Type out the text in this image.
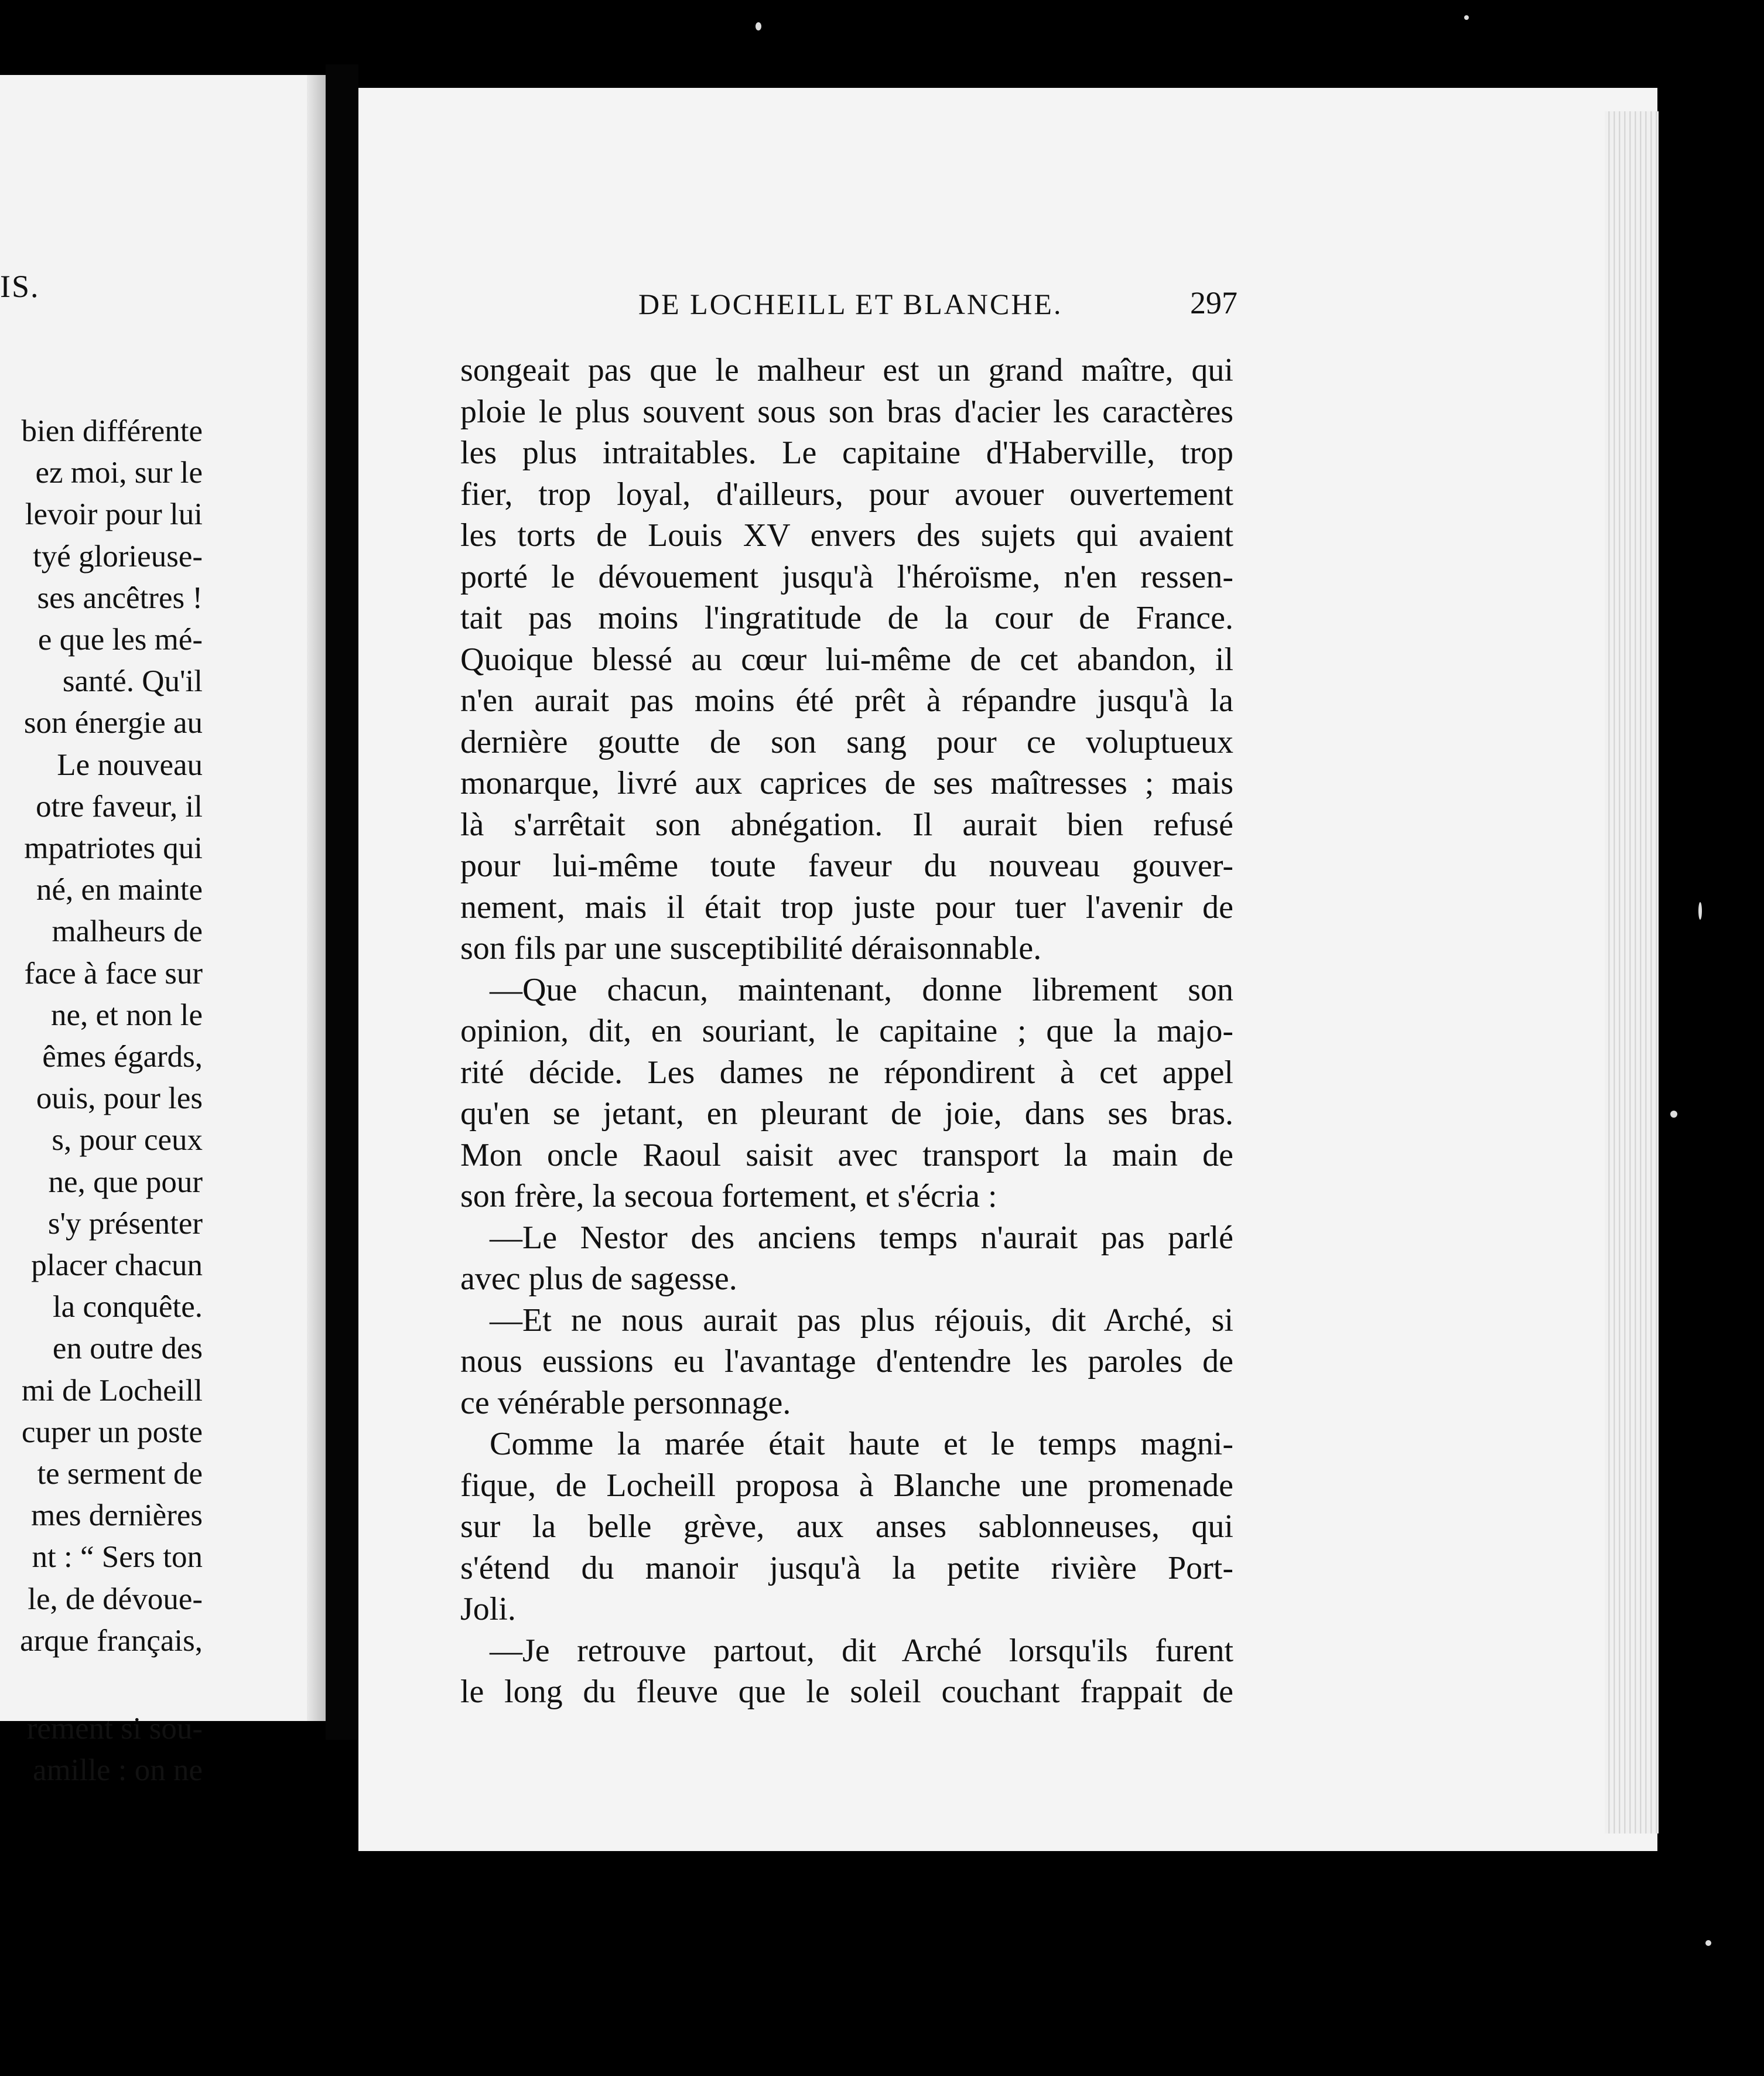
IS.
bien différente
ez moi, sur le
levoir pour lui
tyé glorieuse-
ses ancêtres !
e que les mé-
santé. Qu'il
son énergie au
Le nouveau
otre faveur, il
mpatriotes qui
né, en mainte
malheurs de
face à face sur
ne, et non le
êmes égards,
ouis, pour les
s, pour ceux
ne, que pour
s'y présenter
placer chacun
la conquête.
en outre des
mi de Locheill
cuper un poste
te serment de
mes dernières
nt : “ Sers ton
le, de dévoue-
arque français,
rement si sou-
amille : on ne
DE LOCHEILL ET BLANCHE.	297
songeait pas que le malheur est un grand maître, qui
ploie le plus souvent sous son bras d'acier les caractères
les plus intraitables. Le capitaine d'Haberville, trop
fier, trop loyal, d'ailleurs, pour avouer ouvertement
les torts de Louis XV envers des sujets qui avaient
porté le dévouement jusqu'à l'héroïsme, n'en ressen-
tait pas moins l'ingratitude de la cour de France.
Quoique blessé au cœur lui-même de cet abandon, il
n'en aurait pas moins été prêt à répandre jusqu'à la
dernière goutte de son sang pour ce voluptueux
monarque, livré aux caprices de ses maîtresses ; mais
là s'arrêtait son abnégation. Il aurait bien refusé
pour lui-même toute faveur du nouveau gouver-
nement, mais il était trop juste pour tuer l'avenir de
son fils par une susceptibilité déraisonnable.
—Que chacun, maintenant, donne librement son
opinion, dit, en souriant, le capitaine ; que la majo-
rité décide. Les dames ne répondirent à cet appel
qu'en se jetant, en pleurant de joie, dans ses bras.
Mon oncle Raoul saisit avec transport la main de
son frère, la secoua fortement, et s'écria :
—Le Nestor des anciens temps n'aurait pas parlé
avec plus de sagesse.
—Et ne nous aurait pas plus réjouis, dit Arché, si
nous eussions eu l'avantage d'entendre les paroles de
ce vénérable personnage.
Comme la marée était haute et le temps magni-
fique, de Locheill proposa à Blanche une promenade
sur la belle grève, aux anses sablonneuses, qui
s'étend du manoir jusqu'à la petite rivière Port-
Joli.
—Je retrouve partout, dit Arché lorsqu'ils furent
le long du fleuve que le soleil couchant frappait de
